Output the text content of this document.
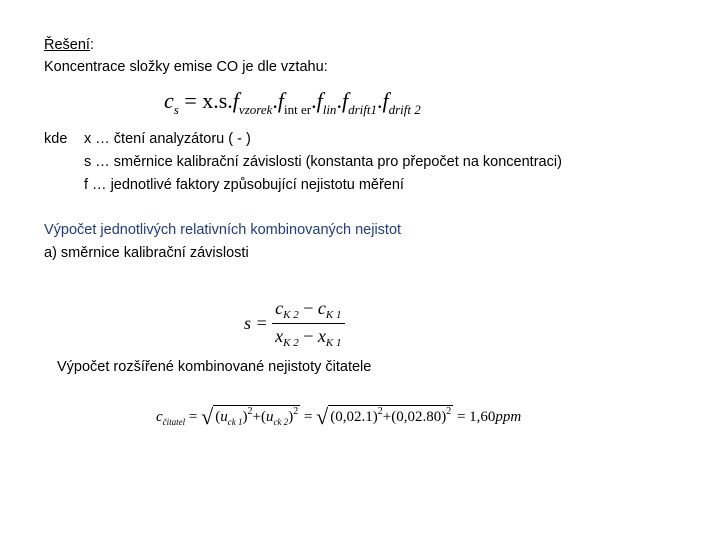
Řešení:
Koncentrace složky emise CO je dle vztahu:
$c_s = x.s.f_{vzorek}.f_{int er}.f_{lin}.f_{drift1}.f_{drift 2}$
kde x … čtení analyzátoru ( - )
s … směrnice kalibrační závislosti (konstanta pro přepočet na koncentraci)
f … jednotlivé faktory způsobující nejistotu měření
Výpočet jednotlivých relativních kombinovaných nejistot
a) směrnice kalibrační závislosti
$s = \frac{c_{K 2} - c_{K 1}}{x_{K 2} - x_{K 1}}$
Výpočet rozšířené kombinované nejistoty čitatele
$c_{čitatel}$ = √ $(u_{ck 1})^2+(u_{ck 2})^2$ = √ $(0,02.1)^2+(0,02.80)^2 = 1,60ppm$
